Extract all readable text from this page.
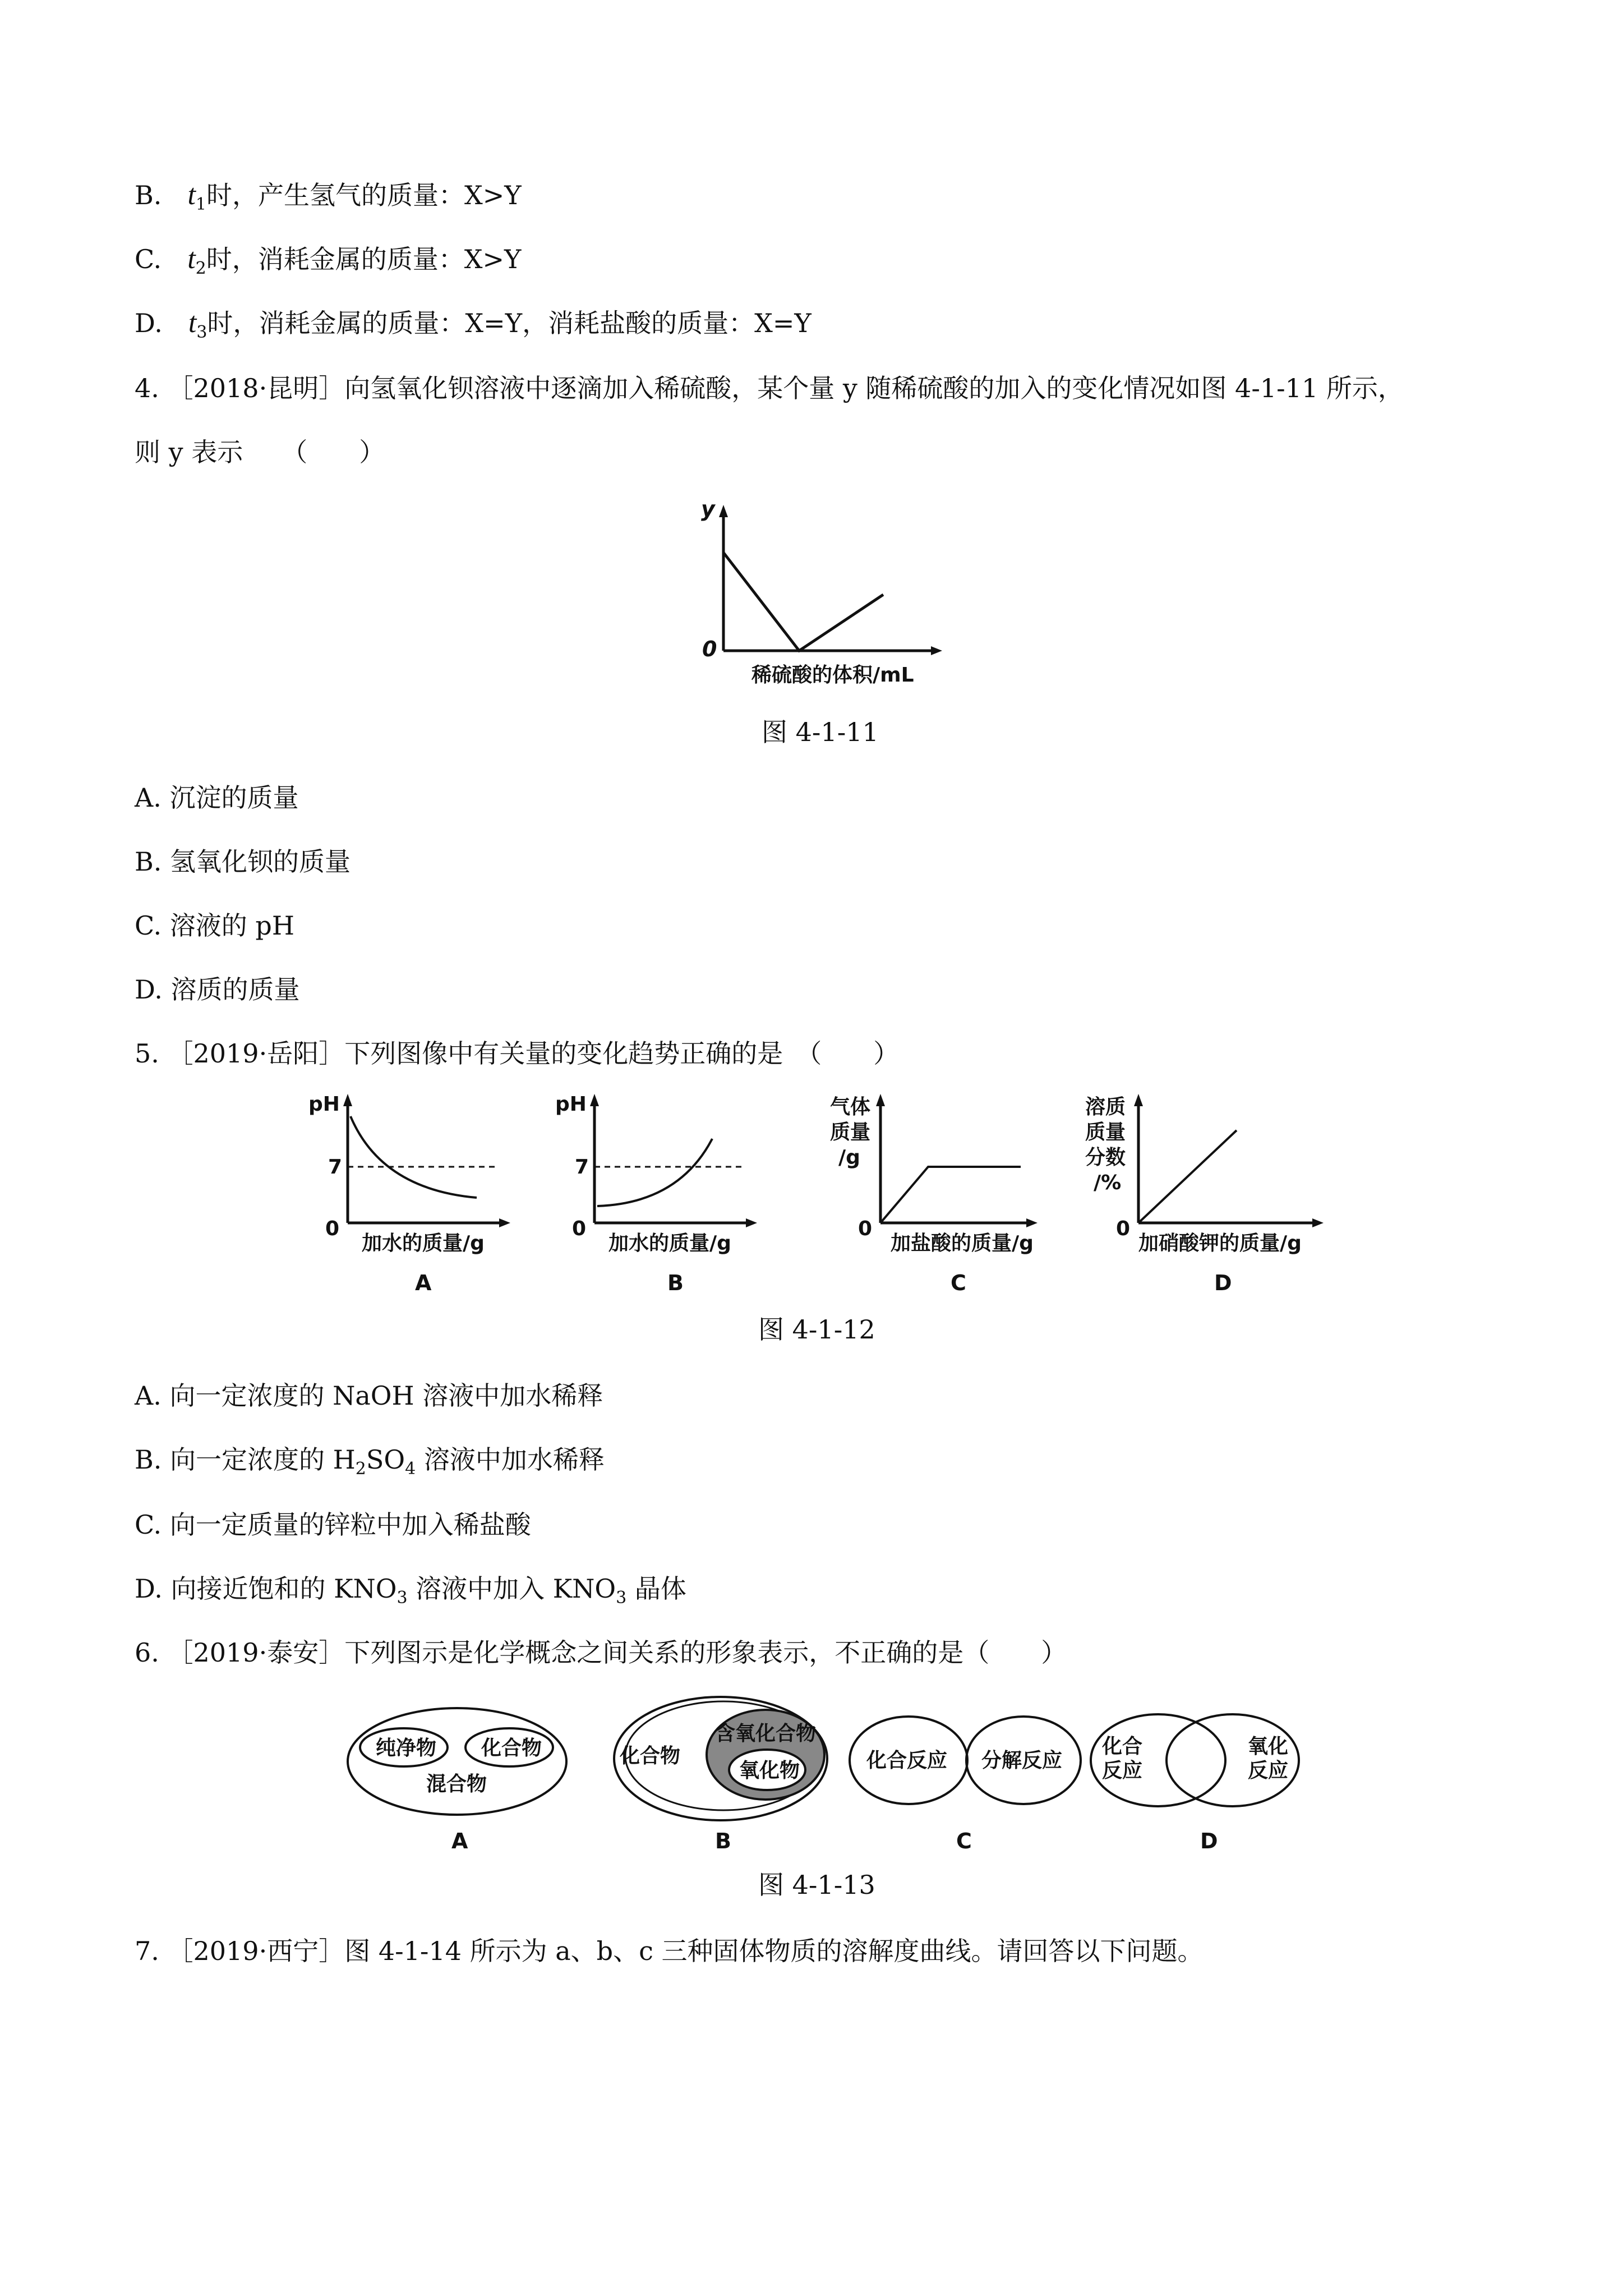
B.　 $t_1$时，产生氢气的质量：X>Y
C.　 $t_2$时，消耗金属的质量：X>Y
D.　 $t_3$时，消耗金属的质量：X=Y，消耗盐酸的质量：X=Y
4. ［2018·昆明］向氢氧化钡溶液中逐滴加入稀硫酸，某个量 y 随稀硫酸的加入的变化情况如图 4-1-11 所示，
则 y 表示　　（　　）
y
0
稀硫酸的体积/mL
图 4-1-11
A. 沉淀的质量
B. 氢氧化钡的质量
C. 溶液的 pH
D. 溶质的质量
5. ［2019·岳阳］下列图像中有关量的变化趋势正确的是　（　　）
pH
7
0
加水的质量/g
A
pH
7
0
加水的质量/g
B
气体
质量
/g
0
加盐酸的质量/g
C
溶质
质量
分数
/%
0
加硝酸钾的质量/g
D
图 4-1-12
A. 向一定浓度的 NaOH 溶液中加水稀释
B. 向一定浓度的 $H_2SO_4$ 溶液中加水稀释
C. 向一定质量的锌粒中加入稀盐酸
D. 向接近饱和的 $KNO_3$ 溶液中加入 $KNO_3$ 晶体
6. ［2019·泰安］下列图示是化学概念之间关系的形象表示，不正确的是（　　）
纯净物 化合物
混合物
A
化合物
含氧化合物
氧化物
B
化合反应 分解反应
C
化合
反应
氧化
反应
D
图 4-1-13
7. ［2019·西宁］图 4-1-14 所示为 a、b、c 三种固体物质的溶解度曲线。请回答以下问题。
